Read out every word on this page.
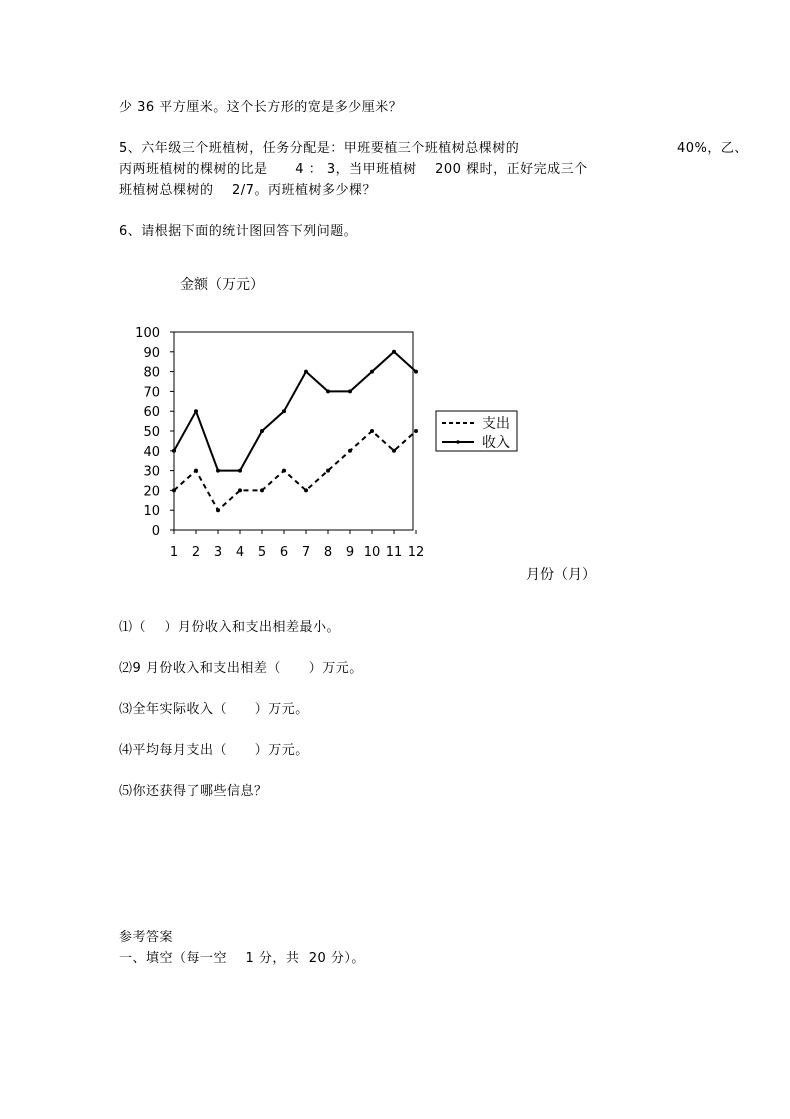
少 36 平方厘米。这个长方形的宽是多少厘米？
5、六年级三个班植树，任务分配是：甲班要植三个班植树总棵树的	40%，乙、
丙两班植树的棵树的比是      4 ： 3，当甲班植树    200 棵时，正好完成三个
班植树总棵树的    2/7。丙班植树多少棵？
6、请根据下面的统计图回答下列问题。
金额（万元）
0
10
20
30
40
50
60
70
80
90
100
1 2 3 4 5 6 7 8 9 10 11 12
支出
收入
月份（月）
⑴（    ）月份收入和支出相差最小。
⑵9 月份收入和支出相差（      ）万元。
⑶全年实际收入（      ）万元。
⑷平均每月支出（      ）万元。
⑸你还获得了哪些信息？
参考答案
一、填空（每一空    1 分，共  20 分）。
